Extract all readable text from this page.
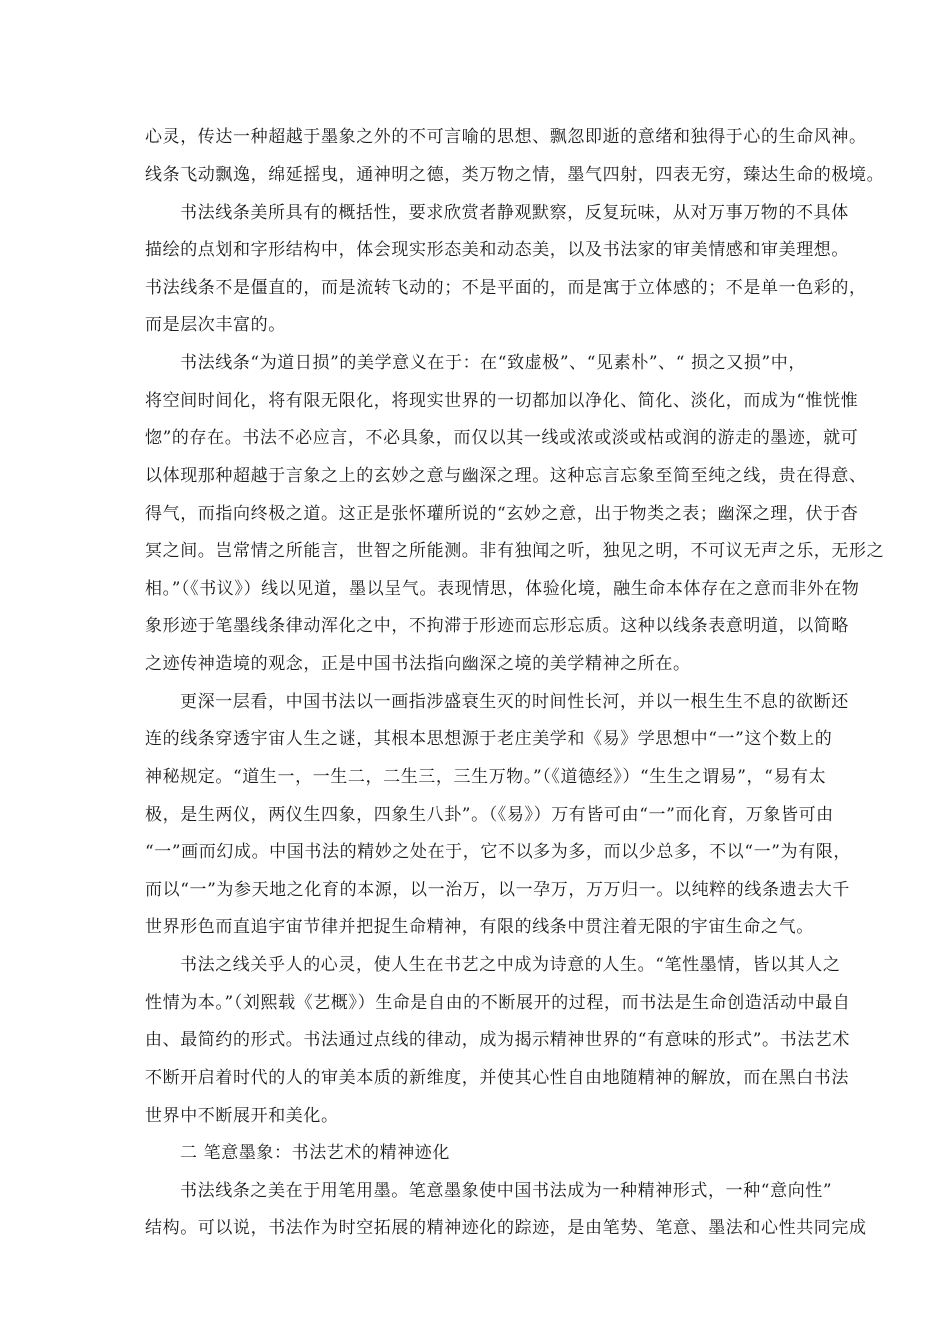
心灵，传达一种超越于墨象之外的不可言喻的思想、飘忽即逝的意绪和独得于心的生命风神。
线条飞动飘逸，绵延摇曳，通神明之德，类万物之情，墨气四射，四表无穷，臻达生命的极境。
书法线条美所具有的概括性，要求欣赏者静观默察，反复玩味，从对万事万物的不具体
描绘的点划和字形结构中，体会现实形态美和动态美，以及书法家的审美情感和审美理想。
书法线条不是僵直的，而是流转飞动的；不是平面的，而是寓于立体感的；不是单一色彩的，
而是层次丰富的。
书法线条“为道日损”的美学意义在于：在“致虚极”、“见素朴”、“ 损之又损”中，
将空间时间化，将有限无限化，将现实世界的一切都加以净化、简化、淡化，而成为“惟恍惟
惚”的存在。书法不必应言，不必具象，而仅以其一线或浓或淡或枯或润的游走的墨迹，就可
以体现那种超越于言象之上的玄妙之意与幽深之理。这种忘言忘象至简至纯之线，贵在得意、
得气，而指向终极之道。这正是张怀瓘所说的“玄妙之意，出于物类之表；幽深之理，伏于杳
冥之间。岂常情之所能言，世智之所能测。非有独闻之听，独见之明，不可议无声之乐，无形之
相。”（《书议》）线以见道，墨以呈气。表现情思，体验化境，融生命本体存在之意而非外在物
象形迹于笔墨线条律动浑化之中，不拘滞于形迹而忘形忘质。这种以线条表意明道，以简略
之迹传神造境的观念，正是中国书法指向幽深之境的美学精神之所在。
更深一层看，中国书法以一画指涉盛衰生灭的时间性长河，并以一根生生不息的欲断还
连的线条穿透宇宙人生之谜，其根本思想源于老庄美学和《易》学思想中“一”这个数上的
神秘规定。“道生一，一生二，二生三，三生万物。”（《道德经》）“生生之谓易”，“易有太
极，是生两仪，两仪生四象，四象生八卦”。（《易》）万有皆可由“一”而化育，万象皆可由
“一”画而幻成。中国书法的精妙之处在于，它不以多为多，而以少总多，不以“一”为有限，
而以“一”为参天地之化育的本源，以一治万，以一孕万，万万归一。以纯粹的线条遗去大千
世界形色而直追宇宙节律并把捉生命精神，有限的线条中贯注着无限的宇宙生命之气。
书法之线关乎人的心灵，使人生在书艺之中成为诗意的人生。“笔性墨情，皆以其人之
性情为本。”（刘熙载《艺概》）生命是自由的不断展开的过程，而书法是生命创造活动中最自
由、最简约的形式。书法通过点线的律动，成为揭示精神世界的“有意味的形式”。书法艺术
不断开启着时代的人的审美本质的新维度，并使其心性自由地随精神的解放，而在黑白书法
世界中不断展开和美化。
二 笔意墨象：书法艺术的精神迹化
书法线条之美在于用笔用墨。笔意墨象使中国书法成为一种精神形式，一种“意向性”
结构。可以说，书法作为时空拓展的精神迹化的踪迹，是由笔势、笔意、墨法和心性共同完成
